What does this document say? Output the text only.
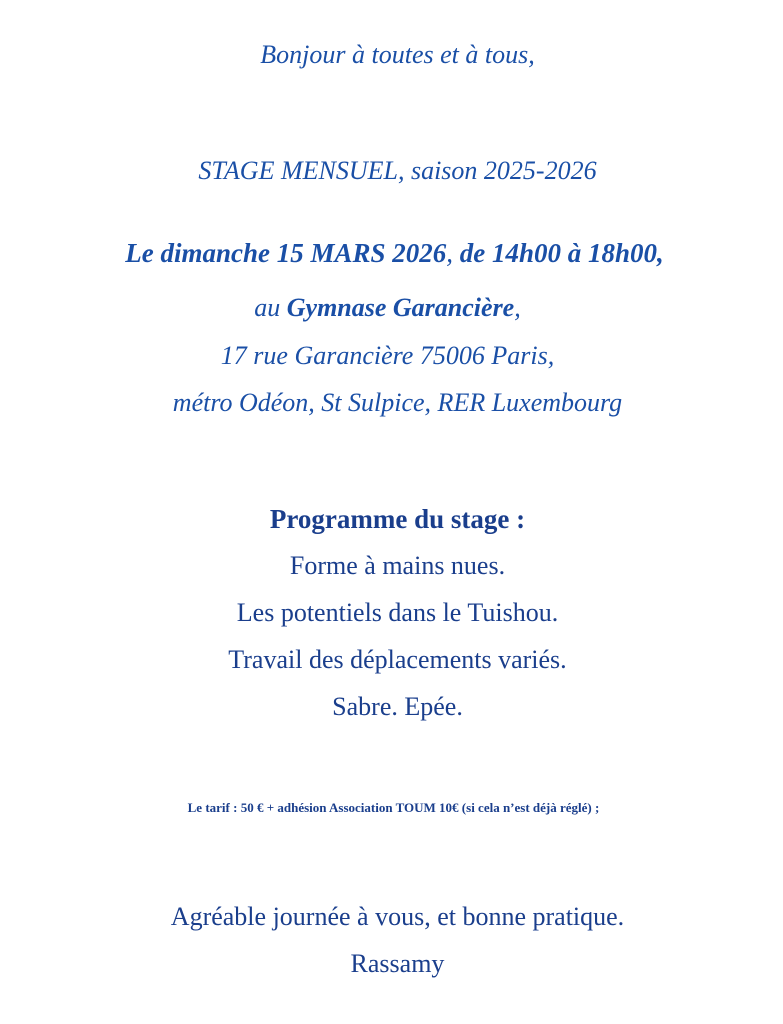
Bonjour à toutes et à tous,
STAGE MENSUEL, saison 2025-2026
Le dimanche 15 MARS 2026, de 14h00 à 18h00,
au Gymnase Garancière,
17 rue Garancière 75006 Paris,
métro Odéon, St Sulpice, RER Luxembourg
Programme du stage :
Forme à mains nues.
Les potentiels dans le Tuishou.
Travail des déplacements variés.
Sabre. Epée.
Le tarif : 50 € + adhésion Association TOUM 10€ (si cela n’est déjà réglé) ;
Agréable journée à vous, et bonne pratique.
Rassamy
